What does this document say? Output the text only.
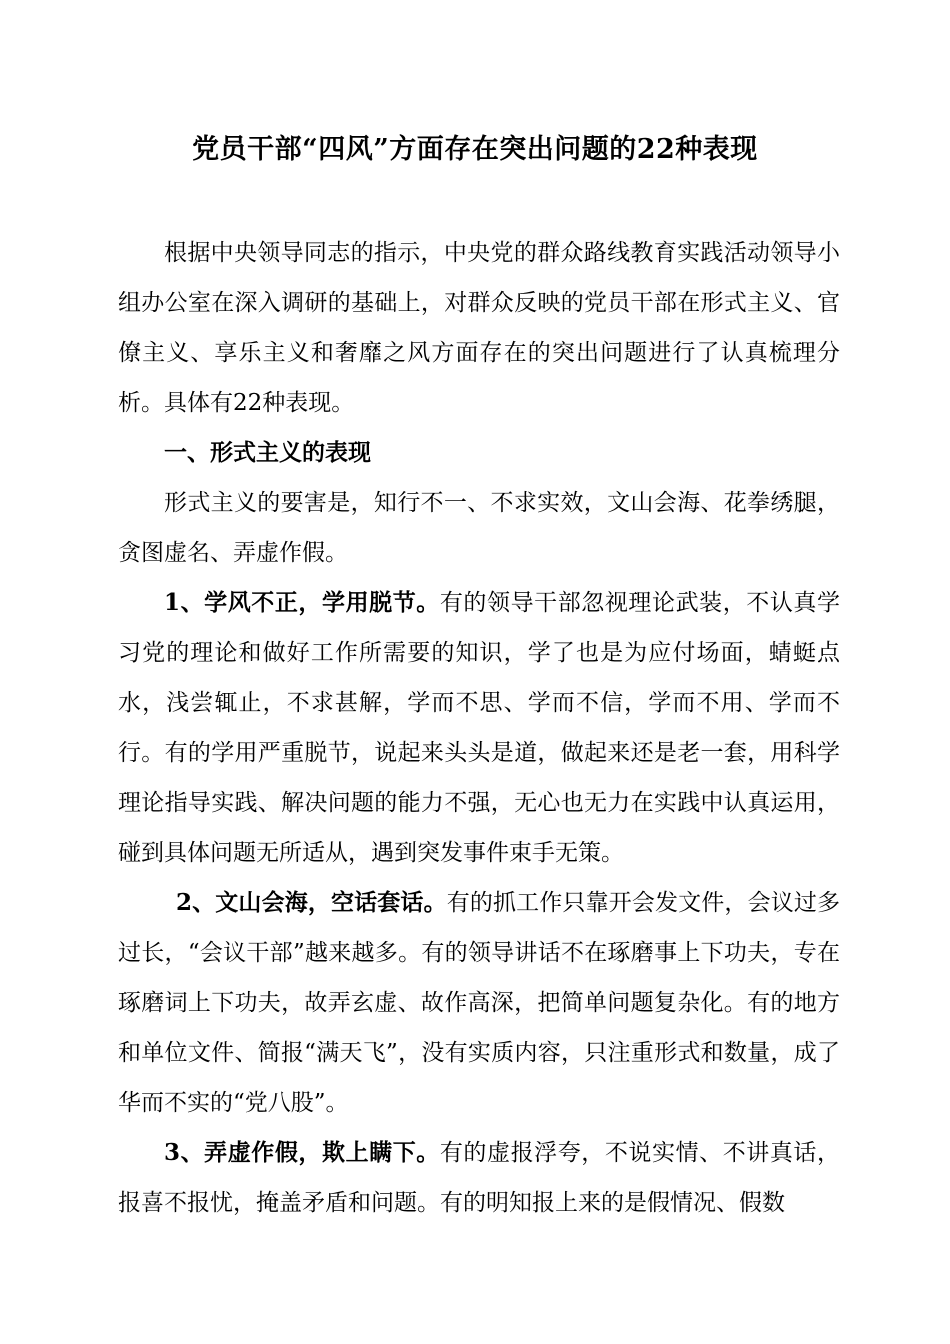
党员干部“四风”方面存在突出问题的22种表现

根据中央领导同志的指示，中央党的群众路线教育实践活动领导小组办公室在深入调研的基础上，对群众反映的党员干部在形式主义、官僚主义、享乐主义和奢靡之风方面存在的突出问题进行了认真梳理分析。具体有22种表现。

一、形式主义的表现

形式主义的要害是，知行不一、不求实效，文山会海、花拳绣腿，贪图虚名、弄虚作假。

1、学风不正，学用脱节。有的领导干部忽视理论武装，不认真学习党的理论和做好工作所需要的知识，学了也是为应付场面，蜻蜓点水，浅尝辄止，不求甚解，学而不思、学而不信，学而不用、学而不行。有的学用严重脱节，说起来头头是道，做起来还是老一套，用科学理论指导实践、解决问题的能力不强，无心也无力在实践中认真运用，碰到具体问题无所适从，遇到突发事件束手无策。

2、文山会海，空话套话。有的抓工作只靠开会发文件，会议过多过长，“会议干部”越来越多。有的领导讲话不在琢磨事上下功夫，专在琢磨词上下功夫，故弄玄虚、故作高深，把简单问题复杂化。有的地方和单位文件、简报“满天飞”，没有实质内容，只注重形式和数量，成了华而不实的“党八股”。

3、弄虚作假，欺上瞒下。有的虚报浮夸，不说实情、不讲真话，报喜不报忧，掩盖矛盾和问题。有的明知报上来的是假情况、假数
